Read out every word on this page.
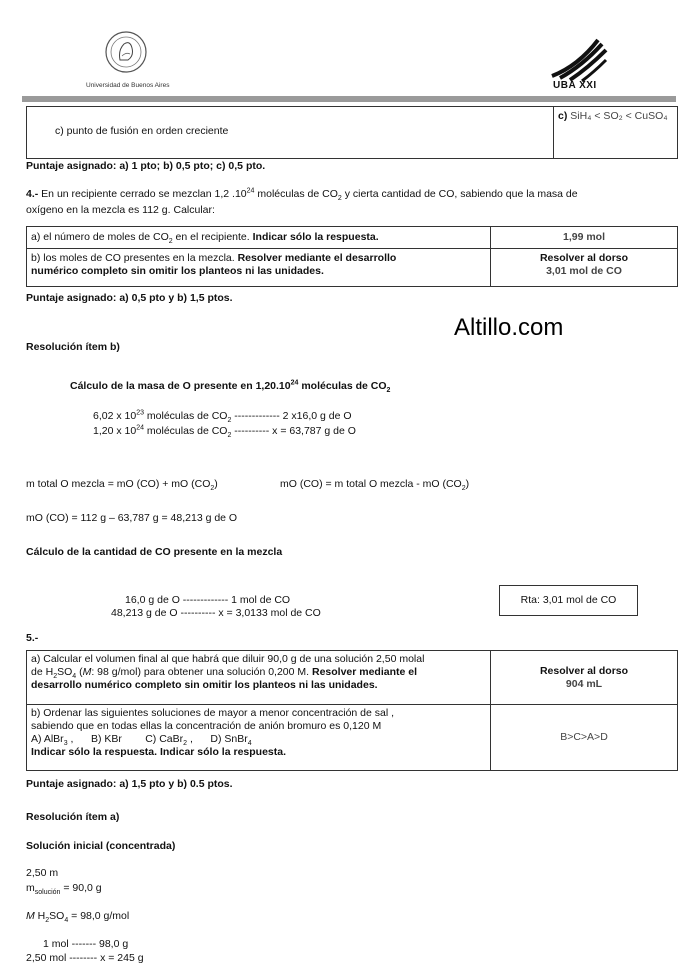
Universidad de Buenos Aires	UBA XXI
c) punto de fusión en orden creciente	c) SiH₄ < SO₂ < CuSO₄
Puntaje asignado: a) 1 pto; b) 0,5 pto; c) 0,5 pto.
4.- En un recipiente cerrado se mezclan 1,2 $.10^{24}$ moléculas de $CO_2$ y cierta cantidad de CO, sabiendo que la masa de
oxígeno en la mezcla es 112 g. Calcular:
a) el número de moles de $CO_2$ en el recipiente. Indicar sólo la respuesta.	1,99 mol
b) los moles de CO presentes en la mezcla. Resolver mediante el desarrollo
numérico completo sin omitir los planteos ni las unidades.	Resolver al dorso
3,01 mol de CO
Puntaje asignado: a) 0,5 pto y b) 1,5 ptos.
Altillo.com
Resolución ítem b)
Cálculo de la masa de O presente en 1,20.10$^{24}$ moléculas de $CO_2$
6,02 x $10^{23}$ moléculas de $CO_2$ ------------- 2 x16,0 g de O
1,20 x $10^{24}$ moléculas de $CO_2$ ---------- x = 63,787 g de O
m total O mezcla = mO (CO) + mO $(CO_2)$	mO (CO) = m total O mezcla - mO $(CO_2)$
mO (CO) = 112 g – 63,787 g = 48,213 g de O
Cálculo de la cantidad de CO presente en la mezcla
16,0 g de O ------------- 1 mol de CO
48,213 g de O ---------- x = 3,0133 mol de CO
Rta: 3,01 mol de CO
5.-
a) Calcular el volumen final al que habrá que diluir 90,0 g de una solución 2,50 molal
de $H_2SO_4$ (M: 98 g/mol) para obtener una solución 0,200 M. Resolver mediante el
desarrollo numérico completo sin omitir los planteos ni las unidades.	Resolver al dorso
904 mL
b) Ordenar las siguientes soluciones de mayor a menor concentración de sal ,
sabiendo que en todas ellas la concentración de anión bromuro es 0,120 M
A) AlBr$_3$ ,      B) KBr C) CaBr$_2$ ,      D) SnBr$_4$
Indicar sólo la respuesta. Indicar sólo la respuesta.	B>C>A>D
Puntaje asignado: a) 1,5 pto y b) 0.5 ptos.
Resolución ítem a)
Solución inicial (concentrada)
2,50 m
$m_{solución} = 90,0$ g
M $H_2SO_4 = 98,0$ g/mol
1 mol ------- 98,0 g
2,50 mol -------- x = 245 g
